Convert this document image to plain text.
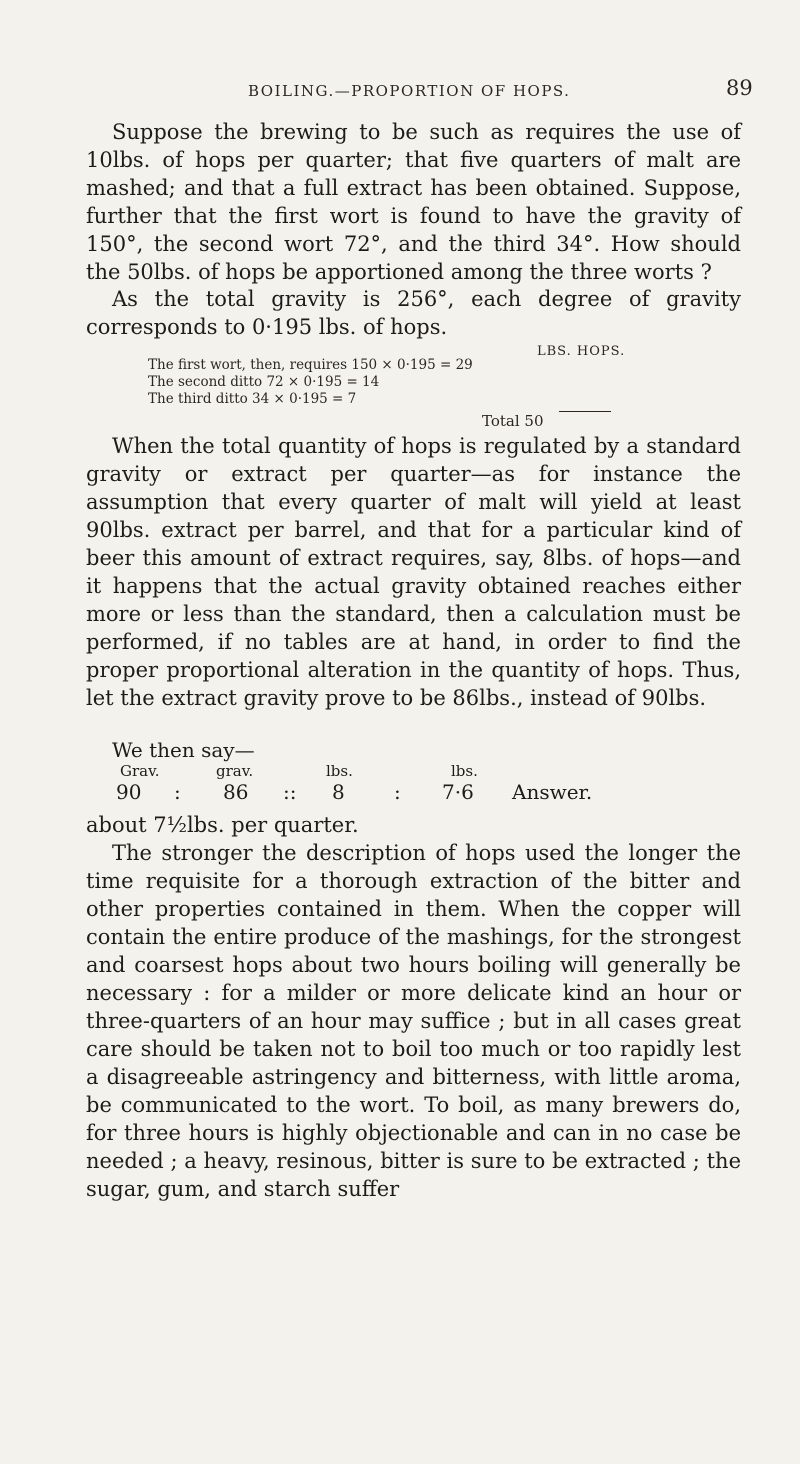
BOILING.—PROPORTION OF HOPS.	89

Suppose the brewing to be such as requires the use of 10lbs. of hops per quarter; that five quarters of malt are mashed; and that a full extract has been obtained. Suppose, further that the first wort is found to have the gravity of 150°, the second wort 72°, and the third 34°. How should the 50lbs. of hops be apportioned among the three worts ?

As the total gravity is 256°, each degree of gravity corresponds to 0·195 lbs. of hops.

LBS. HOPS.
The first wort, then, requires 150 × 0·195 = 29
The second ditto 72 × 0·195 = 14
The third ditto 34 × 0·195 = 7
Total 50

When the total quantity of hops is regulated by a standard gravity or extract per quarter—as for instance the assumption that every quarter of malt will yield at least 90lbs. extract per barrel, and that for a particular kind of beer this amount of extract requires, say, 8lbs. of hops—and it happens that the actual gravity obtained reaches either more or less than the standard, then a calculation must be performed, if no tables are at hand, in order to find the proper proportional alteration in the quantity of hops. Thus, let the extract gravity prove to be 86lbs., instead of 90lbs.

We then say—
Grav.	grav.	lbs.	lbs.
90 : 86 :: 8 : 7·6 Answer.

about 7½lbs. per quarter.

The stronger the description of hops used the longer the time requisite for a thorough extraction of the bitter and other properties contained in them. When the copper will contain the entire produce of the mashings, for the strongest and coarsest hops about two hours boiling will generally be necessary : for a milder or more delicate kind an hour or three-quarters of an hour may suffice ; but in all cases great care should be taken not to boil too much or too rapidly lest a disagreeable astringency and bitterness, with little aroma, be communicated to the wort. To boil, as many brewers do, for three hours is highly objectionable and can in no case be needed ; a heavy, resinous, bitter is sure to be extracted ; the sugar, gum, and starch suffer
